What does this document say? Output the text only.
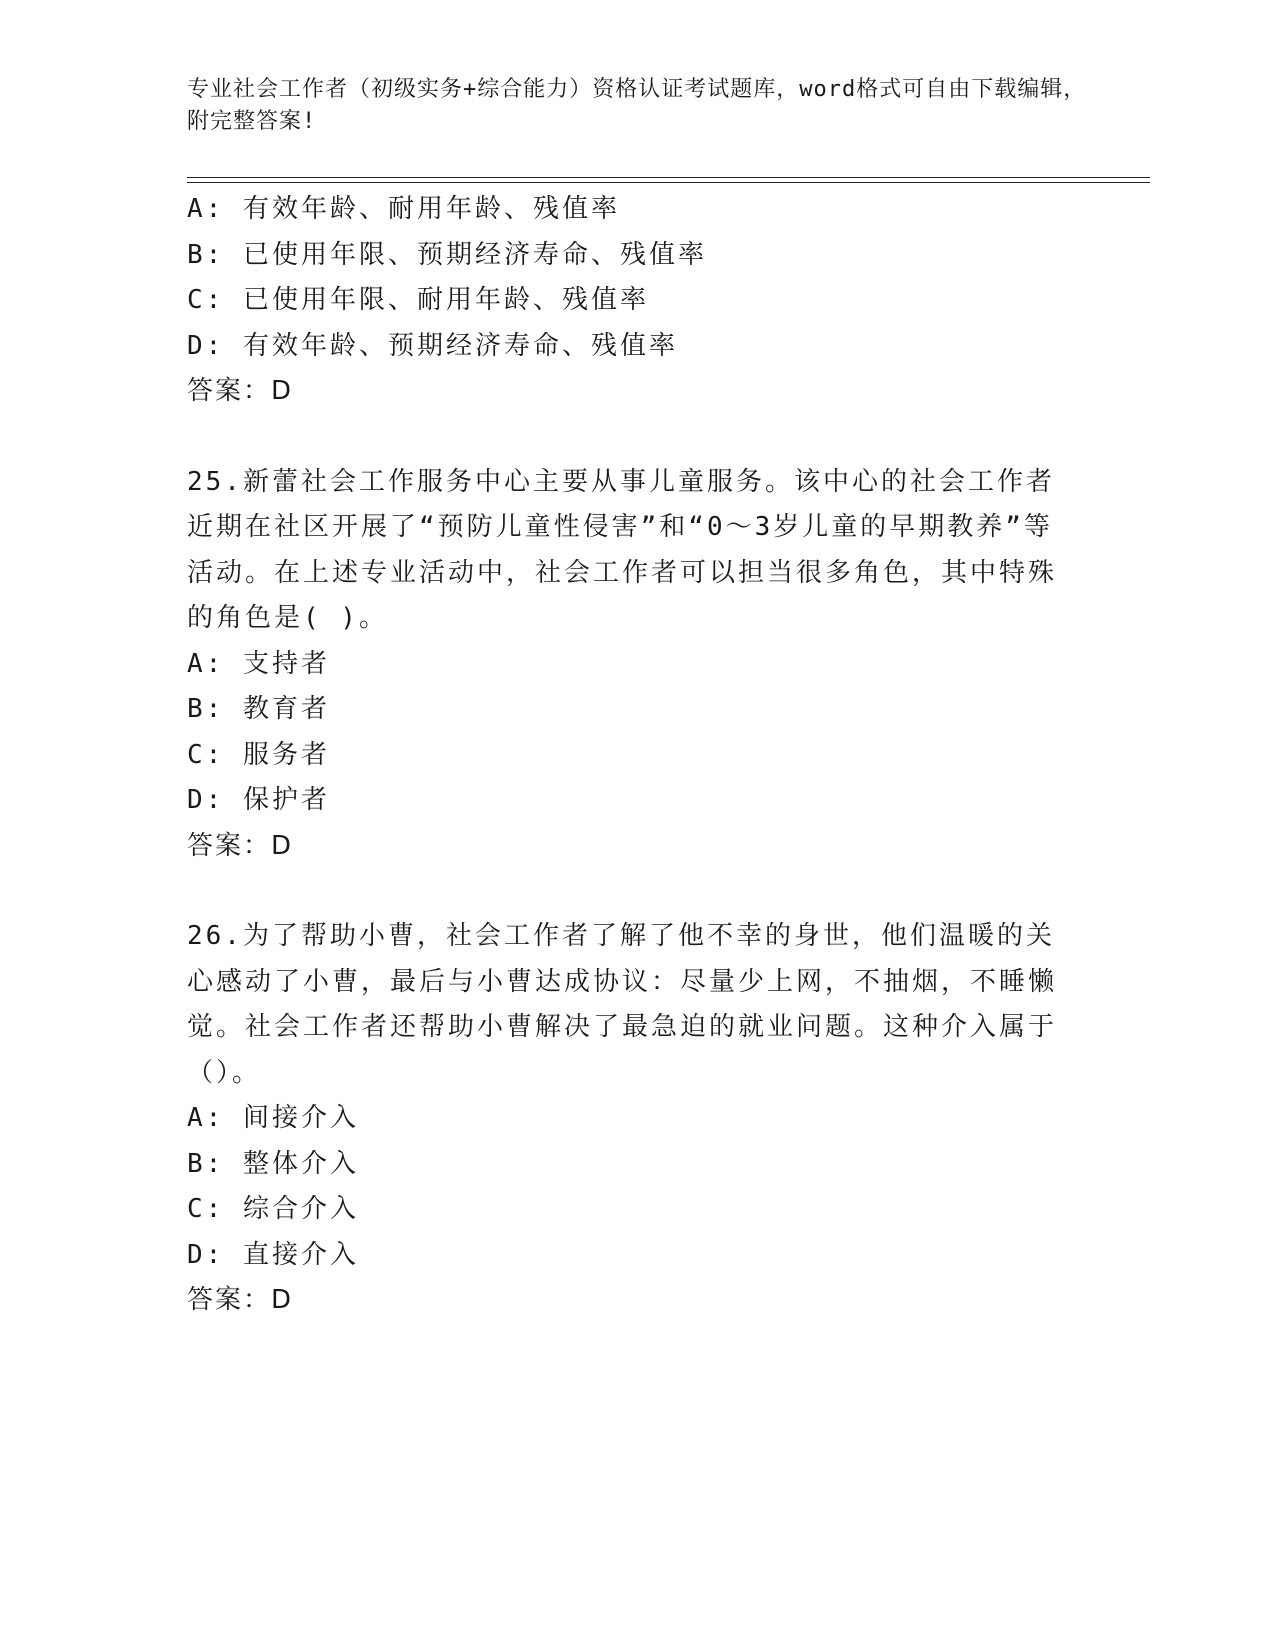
专业社会工作者（初级实务+综合能力）资格认证考试题库，word格式可自由下载编辑，附完整答案!
A: 有效年龄、耐用年龄、残值率
B: 已使用年限、预期经济寿命、残值率
C: 已使用年限、耐用年龄、残值率
D: 有效年龄、预期经济寿命、残值率
答案：D
25.新蕾社会工作服务中心主要从事儿童服务。该中心的社会工作者近期在社区开展了“预防儿童性侵害”和“0～3岁儿童的早期教养”等活动。在上述专业活动中，社会工作者可以担当很多角色，其中特殊的角色是( )。
A: 支持者
B: 教育者
C: 服务者
D: 保护者
答案：D
26.为了帮助小曹，社会工作者了解了他不幸的身世，他们温暖的关心感动了小曹，最后与小曹达成协议：尽量少上网，不抽烟，不睡懒觉。社会工作者还帮助小曹解决了最急迫的就业问题。这种介入属于（）。
A: 间接介入
B: 整体介入
C: 综合介入
D: 直接介入
答案：D
